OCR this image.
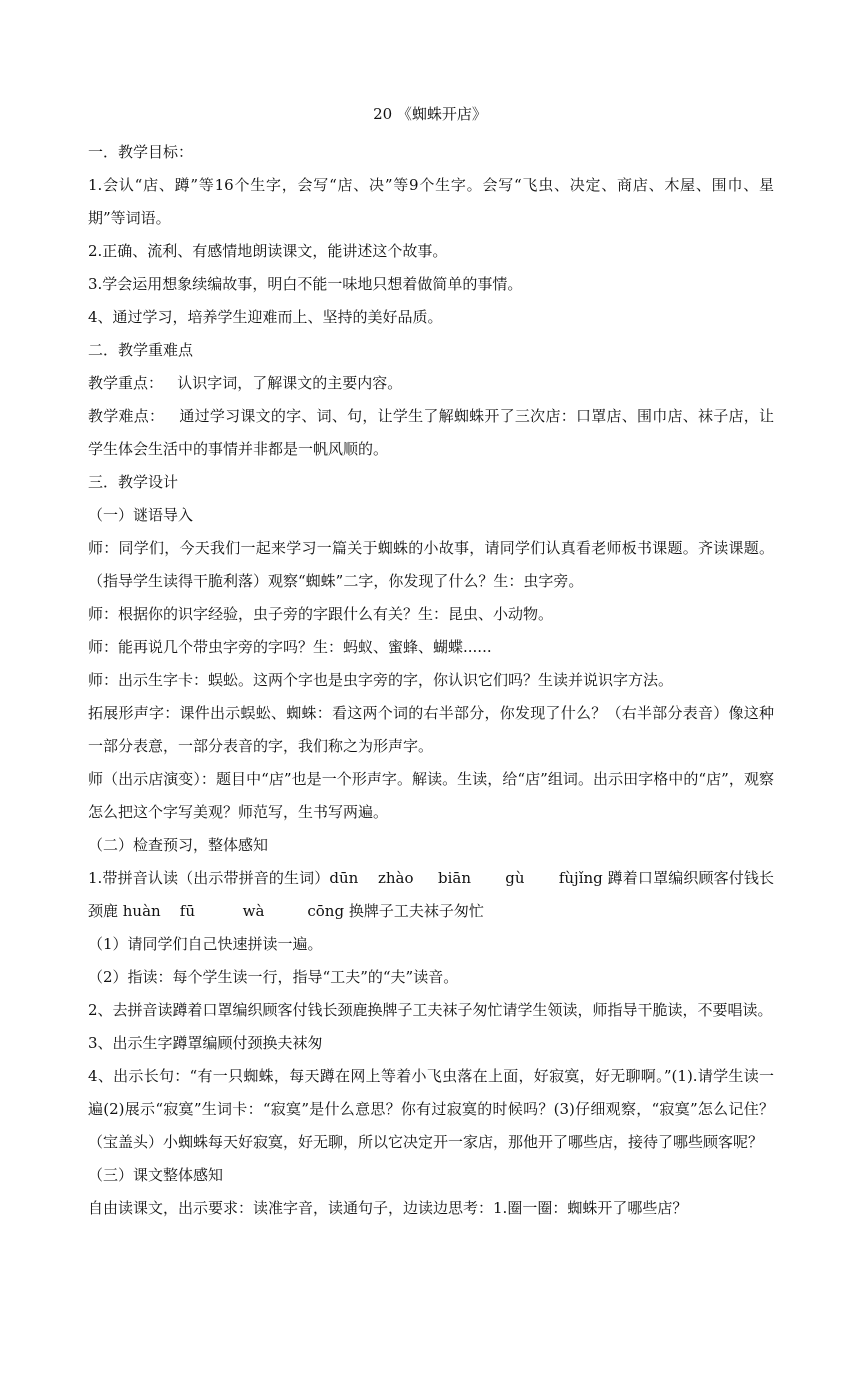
20 《蜘蛛开店》

一．教学目标：

1.会认“店、蹲”等16个生字，会写“店、决”等9个生字。会写“飞虫、决定、商店、木屋、围巾、星期”等词语。

2.正确、流利、有感情地朗读课文，能讲述这个故事。

3.学会运用想象续编故事，明白不能一味地只想着做简单的事情。

4、通过学习，培养学生迎难而上、坚持的美好品质。

二．教学重难点

教学重点：   认识字词，了解课文的主要内容。

教学难点：   通过学习课文的字、词、句，让学生了解蜘蛛开了三次店：口罩店、围巾店、袜子店，让学生体会生活中的事情并非都是一帆风顺的。

三．教学设计

（一）谜语导入

师：同学们，今天我们一起来学习一篇关于蜘蛛的小故事，请同学们认真看老师板书课题。齐读课题。（指导学生读得干脆利落）观察“蜘蛛”二字，你发现了什么？生：虫字旁。

师：根据你的识字经验，虫子旁的字跟什么有关？生：昆虫、小动物。

师：能再说几个带虫字旁的字吗？生：蚂蚁、蜜蜂、蝴蝶......

师：出示生字卡：蜈蚣。这两个字也是虫字旁的字，你认识它们吗？生读并说识字方法。

拓展形声字：课件出示蜈蚣、蜘蛛：看这两个词的右半部分，你发现了什么？（右半部分表音）像这种一部分表意，一部分表音的字，我们称之为形声字。

师（出示店演变）：题目中“店”也是一个形声字。解读。生读，给“店”组词。出示田字格中的“店”，观察怎么把这个字写美观？师范写，生书写两遍。

（二）检查预习，整体感知

1.带拼音认读（出示带拼音的生词）dūn    zhào     biān       gù       fùjǐng 蹲着口罩编织顾客付钱长颈鹿 huàn    fū          wà         cōng 换牌子工夫袜子匆忙

（1）请同学们自己快速拼读一遍。

（2）指读：每个学生读一行，指导“工夫”的“夫”读音。

2、去拼音读蹲着口罩编织顾客付钱长颈鹿换牌子工夫袜子匆忙请学生领读，师指导干脆读，不要唱读。

3、出示生字蹲罩编顾付颈换夫袜匆

4、出示长句：“有一只蜘蛛，每天蹲在网上等着小飞虫落在上面，好寂寞，好无聊啊。”(1).请学生读一遍(2)展示“寂寞”生词卡：“寂寞”是什么意思？你有过寂寞的时候吗？(3)仔细观察，“寂寞”怎么记住？（宝盖头）小蜘蛛每天好寂寞，好无聊，所以它决定开一家店，那他开了哪些店，接待了哪些顾客呢？

（三）课文整体感知

自由读课文，出示要求：读准字音，读通句子，边读边思考：1.圈一圈：蜘蛛开了哪些店？
